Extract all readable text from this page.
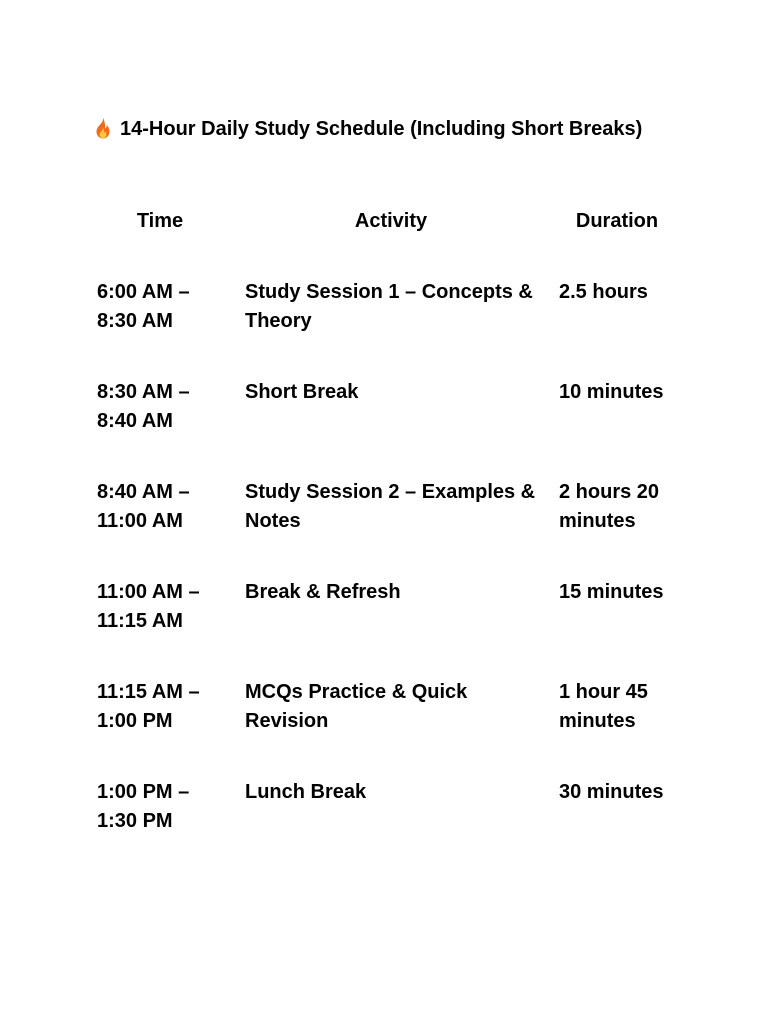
14-Hour Daily Study Schedule (Including Short Breaks)
Time	Activity	Duration
6:00 AM – 8:30 AM	Study Session 1 – Concepts & Theory	2.5 hours
8:30 AM – 8:40 AM	Short Break	10 minutes
8:40 AM – 11:00 AM	Study Session 2 – Examples & Notes	2 hours 20 minutes
11:00 AM – 11:15 AM	Break & Refresh	15 minutes
11:15 AM – 1:00 PM	MCQs Practice & Quick Revision	1 hour 45 minutes
1:00 PM – 1:30 PM	Lunch Break	30 minutes
